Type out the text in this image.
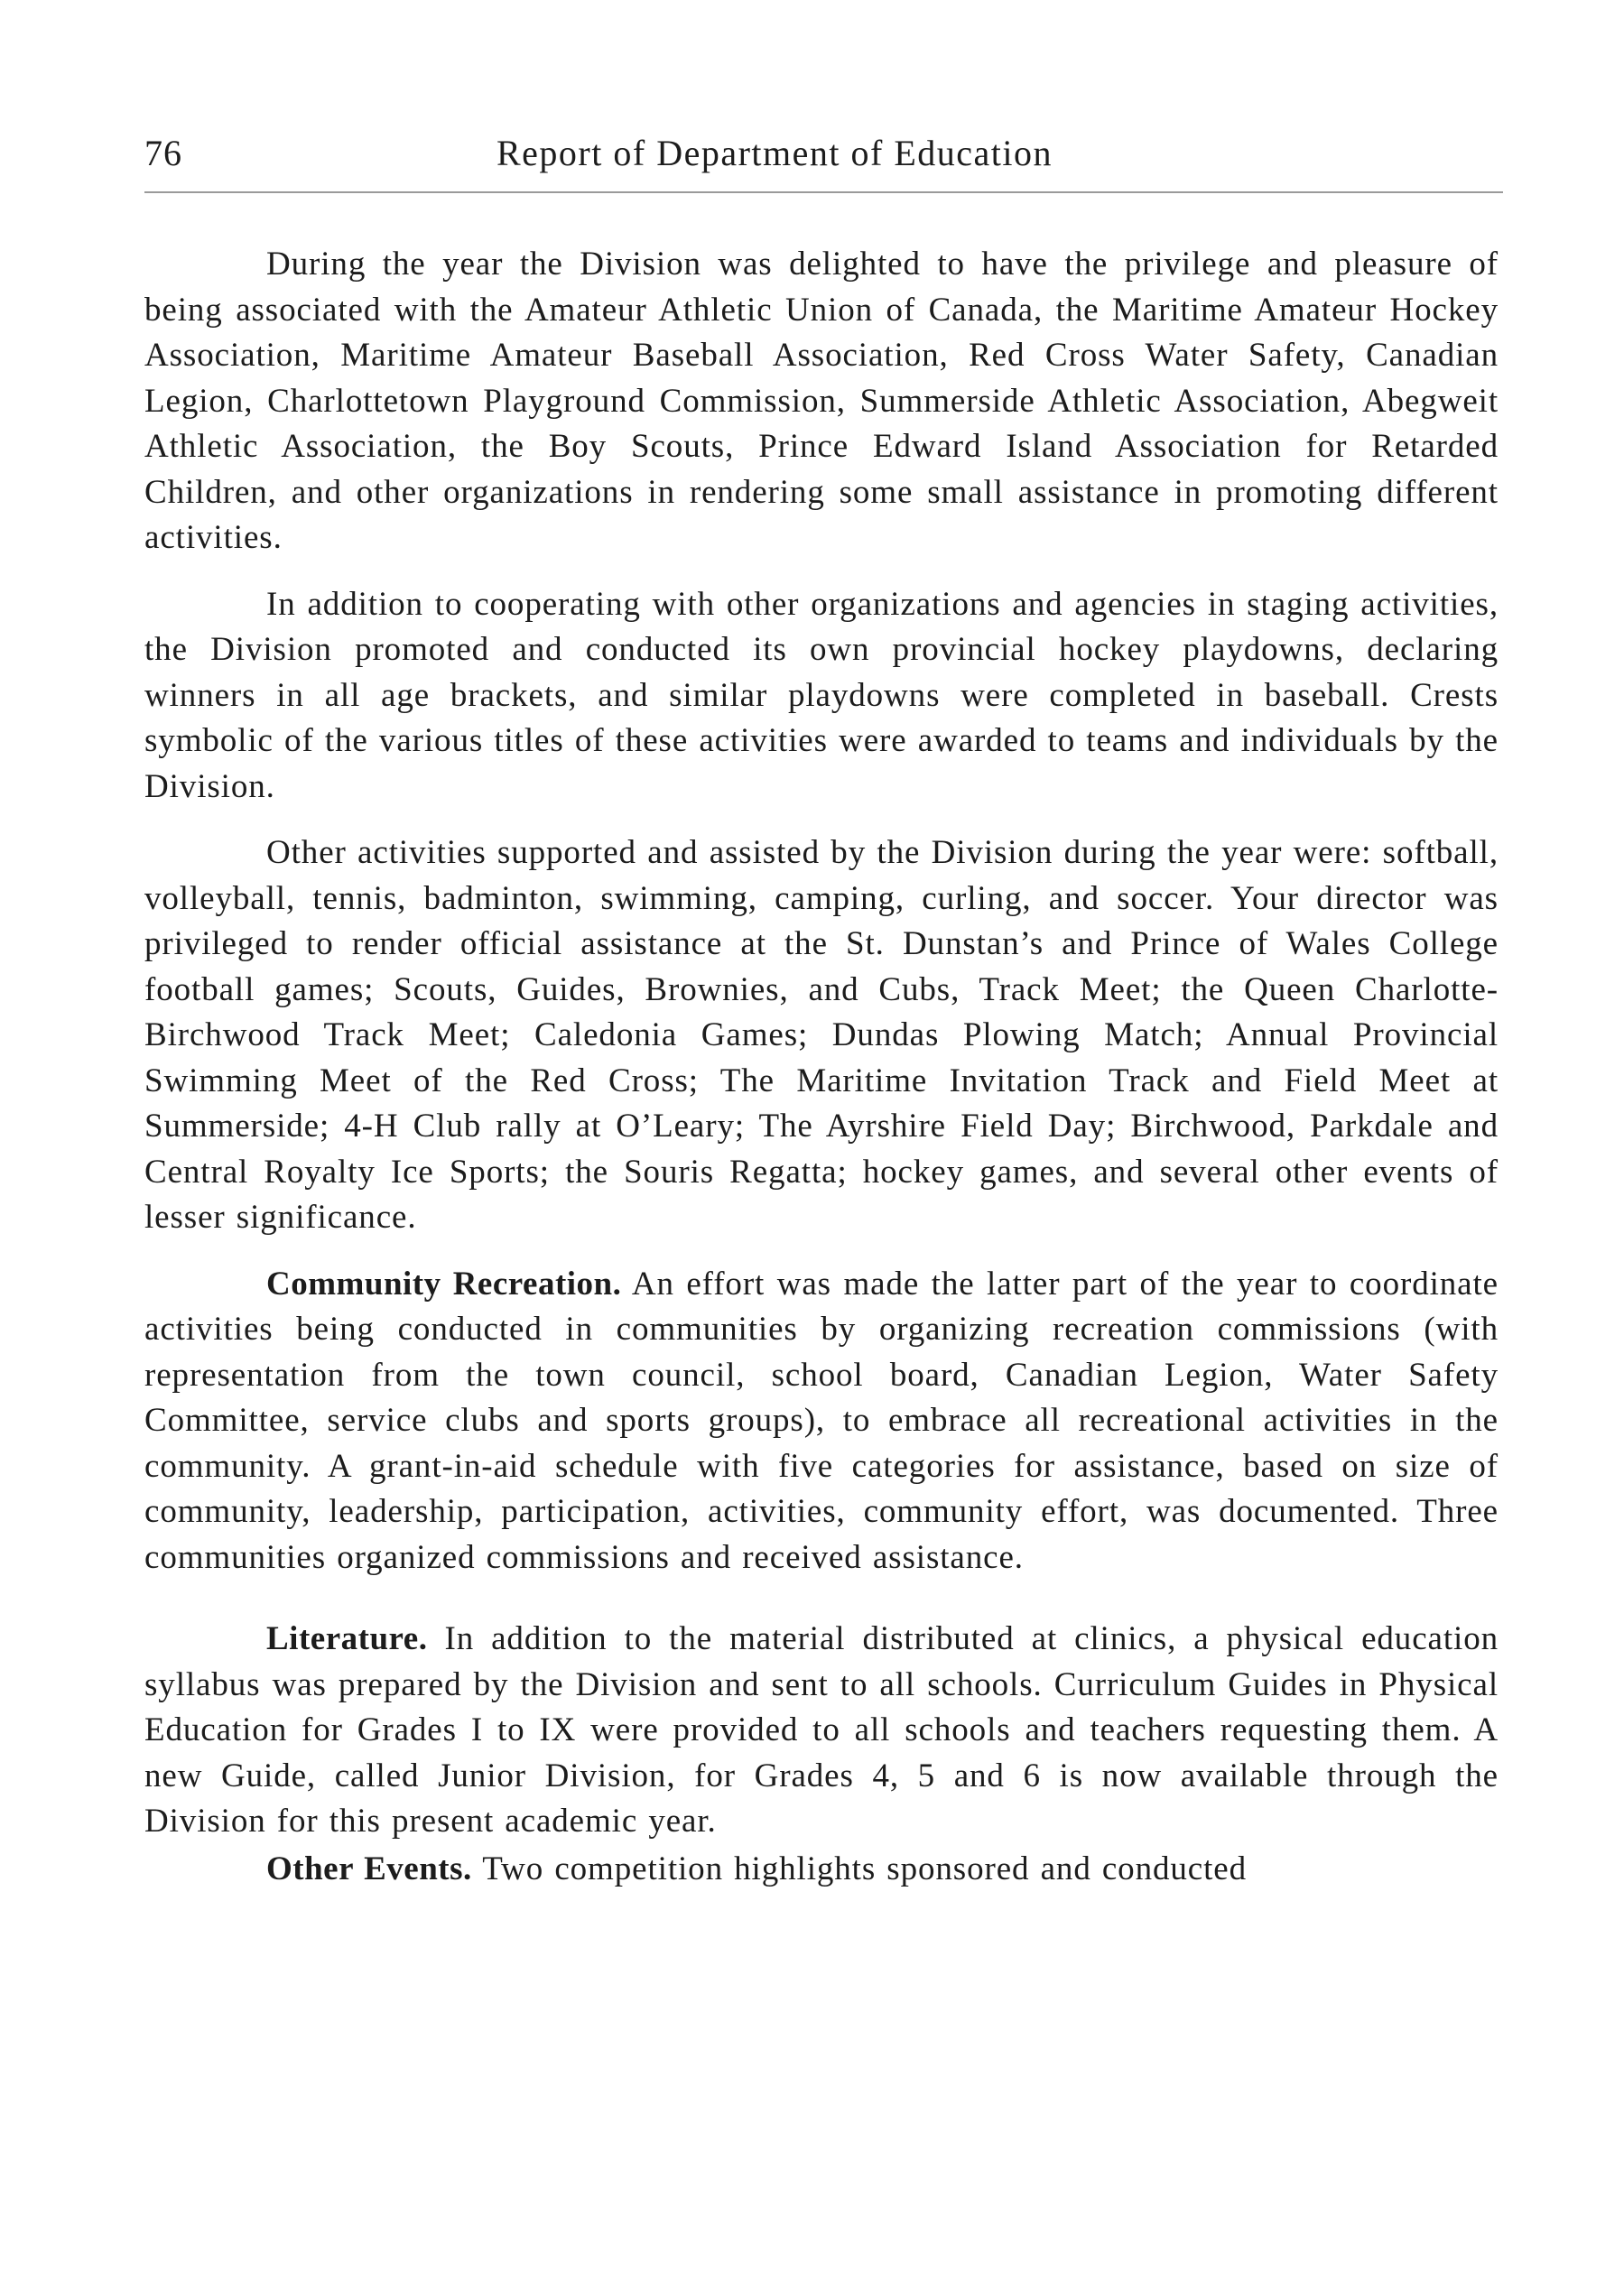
76	Report of Department of Education

During the year the Division was delighted to have the privilege and pleasure of being associated with the Amateur Athletic Union of Canada, the Maritime Amateur Hockey Association, Maritime Amateur Baseball Association, Red Cross Water Safety, Canadian Legion, Charlottetown Playground Commission, Summerside Athletic Association, Abegweit Athletic Association, the Boy Scouts, Prince Edward Island Association for Retarded Children, and other organizations in rendering some small assistance in promoting different activities.

In addition to cooperating with other organizations and agencies in staging activities, the Division promoted and conducted its own provincial hockey playdowns, declaring winners in all age brackets, and similar playdowns were completed in baseball. Crests symbolic of the various titles of these activities were awarded to teams and individuals by the Division.

Other activities supported and assisted by the Division during the year were: softball, volleyball, tennis, badminton, swimming, camping, curling, and soccer. Your director was privileged to render official assistance at the St. Dunstan’s and Prince of Wales College football games; Scouts, Guides, Brownies, and Cubs, Track Meet; the Queen Charlotte-Birchwood Track Meet; Caledonia Games; Dundas Plowing Match; Annual Provincial Swimming Meet of the Red Cross; The Maritime Invitation Track and Field Meet at Summerside; 4-H Club rally at O’Leary; The Ayrshire Field Day; Birchwood, Parkdale and Central Royalty Ice Sports; the Souris Regatta; hockey games, and several other events of lesser significance.

Community Recreation. An effort was made the latter part of the year to coordinate activities being conducted in communities by organizing recreation commissions (with representation from the town council, school board, Canadian Legion, Water Safety Committee, service clubs and sports groups), to embrace all recreational activities in the community. A grant-in-aid schedule with five categories for assistance, based on size of community, leadership, participation, activities, community effort, was documented. Three communities organized commissions and received assistance.

Literature. In addition to the material distributed at clinics, a physical education syllabus was prepared by the Division and sent to all schools. Curriculum Guides in Physical Education for Grades I to IX were provided to all schools and teachers requesting them. A new Guide, called Junior Division, for Grades 4, 5 and 6 is now available through the Division for this present academic year.

Other Events. Two competition highlights sponsored and conducted
